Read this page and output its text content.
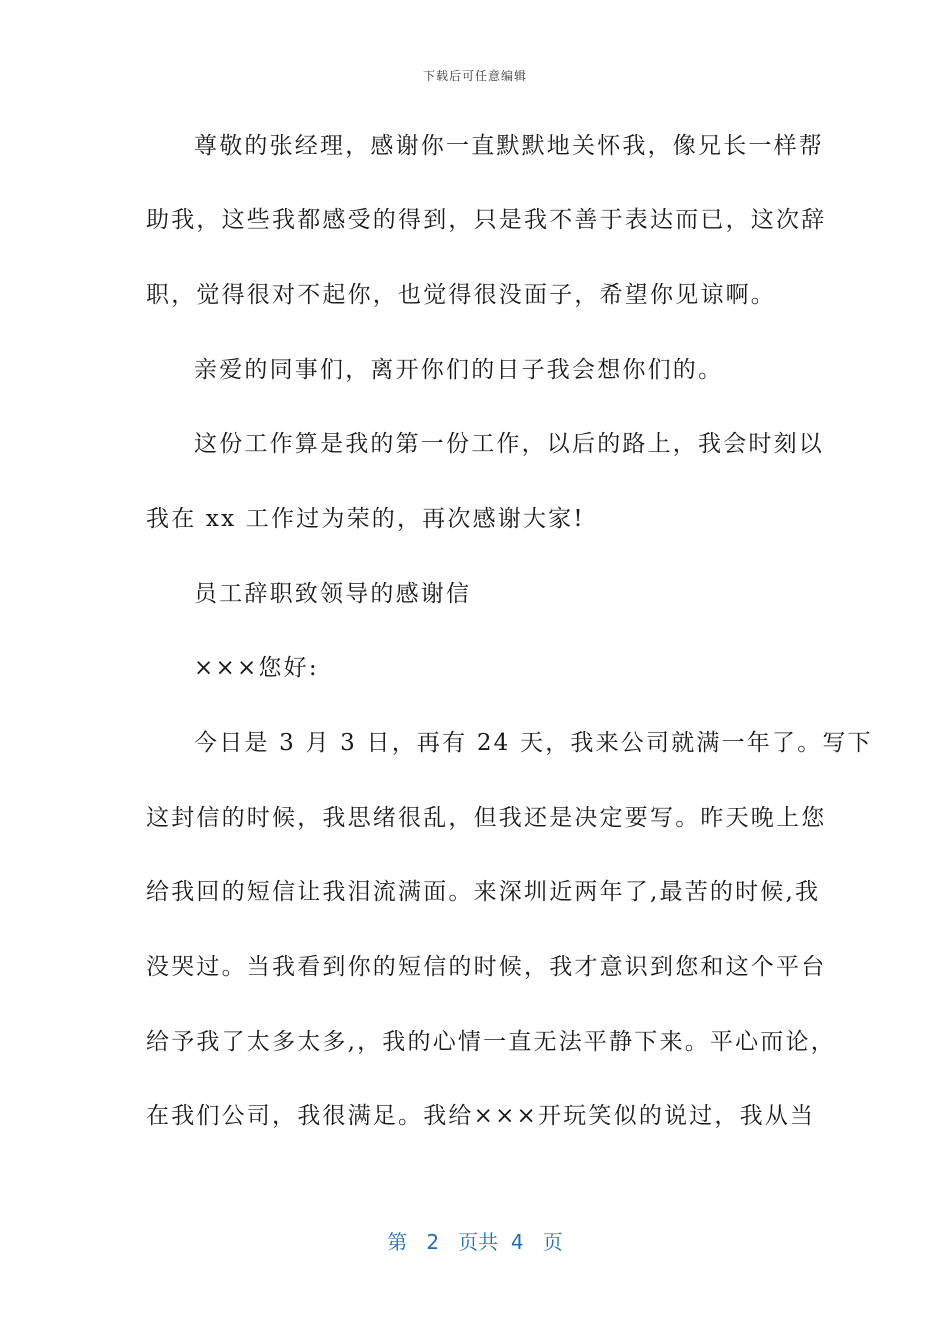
下载后可任意编辑
尊敬的张经理，感谢你一直默默地关怀我，像兄长一样帮
助我，这些我都感受的得到，只是我不善于表达而已，这次辞
职，觉得很对不起你，也觉得很没面子，希望你见谅啊。
亲爱的同事们，离开你们的日子我会想你们的。
这份工作算是我的第一份工作，以后的路上，我会时刻以
我在 xx 工作过为荣的，再次感谢大家!
员工辞职致领导的感谢信
×××您好:
今日是 3 月 3 日，再有 24 天，我来公司就满一年了。写下
这封信的时候，我思绪很乱，但我还是决定要写。昨天晚上您
给我回的短信让我泪流满面。来深圳近两年了,最苦的时候,我
没哭过。当我看到你的短信的时候，我才意识到您和这个平台
给予我了太多太多,，我的心情一直无法平静下来。平心而论，
在我们公司，我很满足。我给×××开玩笑似的说过，我从当
第 2 页共 4 页
